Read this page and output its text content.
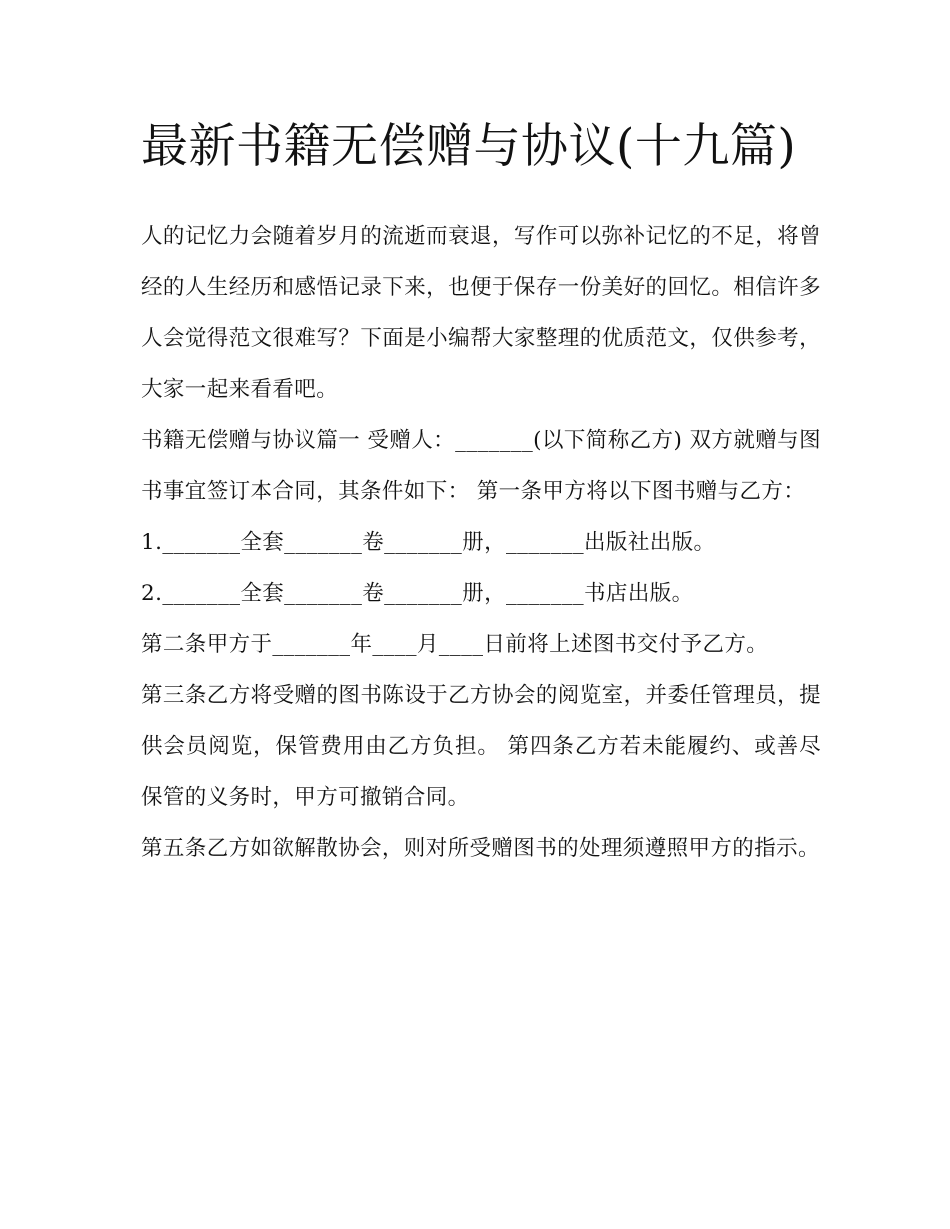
最新书籍无偿赠与协议(十九篇)

人的记忆力会随着岁月的流逝而衰退，写作可以弥补记忆的不足，将曾经的人生经历和感悟记录下来，也便于保存一份美好的回忆。相信许多人会觉得范文很难写？下面是小编帮大家整理的优质范文，仅供参考，大家一起来看看吧。

书籍无偿赠与协议篇一 受赠人：_______(以下简称乙方) 双方就赠与图书事宜签订本合同，其条件如下： 第一条甲方将以下图书赠与乙方：

1._______全套_______卷_______册，_______出版社出版。

2._______全套_______卷_______册，_______书店出版。

第二条甲方于_______年____月____日前将上述图书交付予乙方。

第三条乙方将受赠的图书陈设于乙方协会的阅览室，并委任管理员，提供会员阅览，保管费用由乙方负担。 第四条乙方若未能履约、或善尽保管的义务时，甲方可撤销合同。

第五条乙方如欲解散协会，则对所受赠图书的处理须遵照甲方的指示。
